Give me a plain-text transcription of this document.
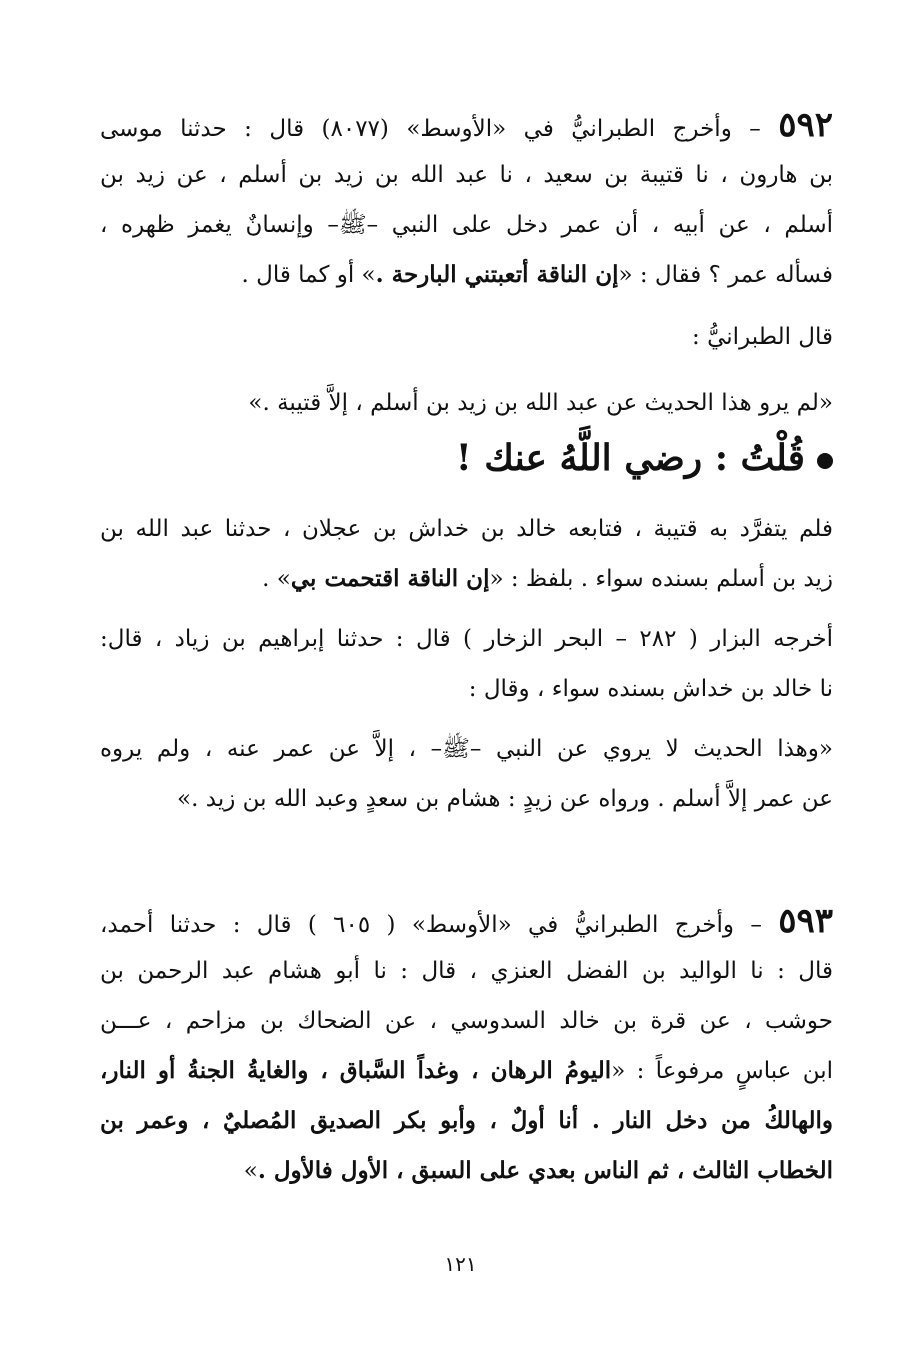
٥٩٢ – وأخرج الطبرانيُّ في «الأوسط» (٨٠٧٧) قال : حدثنا موسى
بن هارون ، نا قتيبة بن سعيد ، نا عبد الله بن زيد بن أسلم ، عن زيد بن
أسلم ، عن أبيه ، أن عمر دخل على النبي –ﷺ– وإنسانٌ يغمز ظهره ،
فسأله عمر ؟ فقال : «إن الناقة أتعبتني البارحة .» أو كما قال .
قال الطبرانيُّ :
«لم يرو هذا الحديث عن عبد الله بن زيد بن أسلم ، إلاَّ قتيبة .»
قُلْتُ : رضي اللَّهُ عنك !
فلم يتفرَّد به قتيبة ، فتابعه خالد بن خداش بن عجلان ، حدثنا عبد الله بن
زيد بن أسلم بسنده سواء . بلفظ : «إن الناقة اقتحمت بي» .
أخرجه البزار ( ٢٨٢ – البحر الزخار ) قال : حدثنا إبراهيم بن زياد ، قال:
نا خالد بن خداش بسنده سواء ، وقال :
«وهذا الحديث لا يروي عن النبي –ﷺ– ، إلاَّ عن عمر عنه ، ولم يروه
عن عمر إلاَّ أسلم . ورواه عن زيدٍ : هشام بن سعدٍ وعبد الله بن زيد .»
٥٩٣ – وأخرج الطبرانيُّ في «الأوسط» ( ٦٠٥ ) قال : حدثنا أحمد،
قال : نا الواليد بن الفضل العنزي ، قال : نا أبو هشام عبد الرحمن بن
حوشب ، عن قرة بن خالد السدوسي ، عن الضحاك بن مزاحم ، عـــن
ابن عباسٍ مرفوعاً : «اليومُ الرهان ، وغداً السَّباق ، والغايةُ الجنةُ أو النار،
والهالكُ من دخل النار . أنا أولٌ ، وأبو بكر الصديق المُصليٌ ، وعمر بن
الخطاب الثالث ، ثم الناس بعدي على السبق ، الأول فالأول .»
١٢١
